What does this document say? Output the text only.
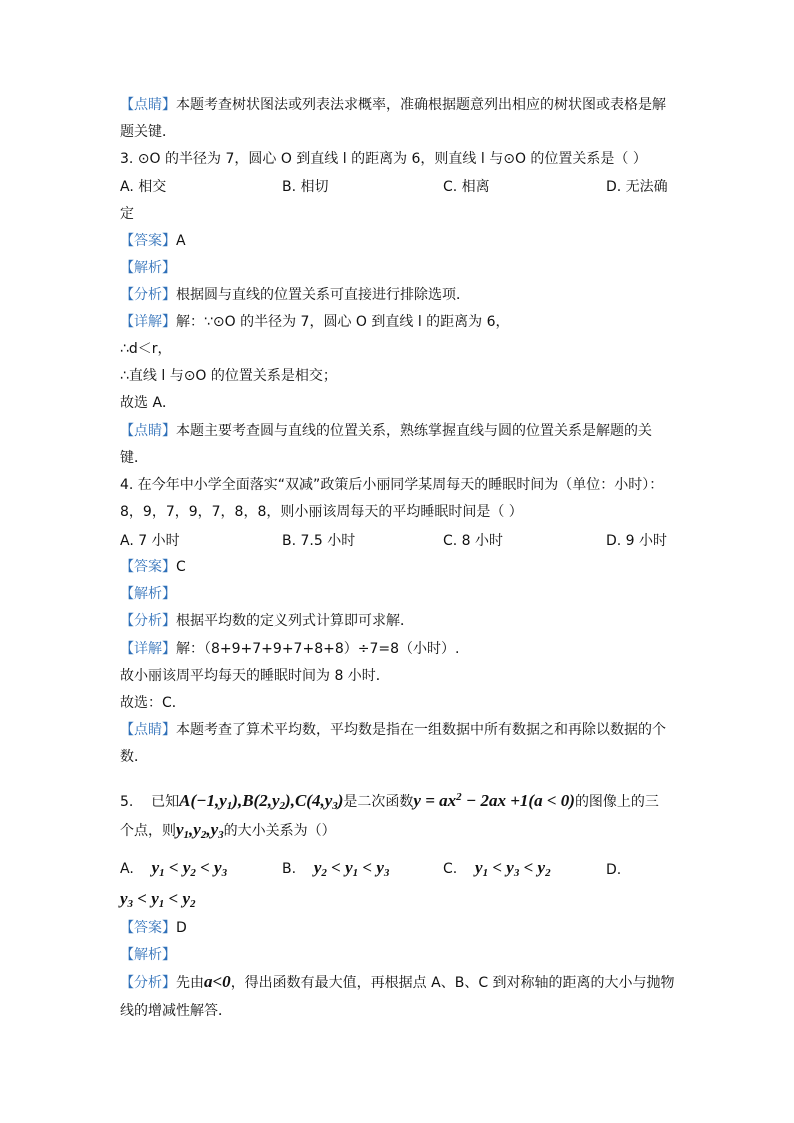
【点睛】本题考查树状图法或列表法求概率，准确根据题意列出相应的树状图或表格是解
题关键．
3. ⊙O 的半径为 7，圆心 O 到直线 l 的距离为 6，则直线 l 与⊙O 的位置关系是（ ）
A. 相交	B. 相切	C. 相离	D. 无法确
定
【答案】A
【解析】
【分析】根据圆与直线的位置关系可直接进行排除选项．
【详解】解：∵⊙O 的半径为 7，圆心 O 到直线 l 的距离为 6，
∴d＜r，
∴直线 l 与⊙O 的位置关系是相交；
故选 A．
【点睛】本题主要考查圆与直线的位置关系，熟练掌握直线与圆的位置关系是解题的关
键．
4. 在今年中小学全面落实“双减”政策后小丽同学某周每天的睡眠时间为（单位：小时）：
8，9，7，9，7，8，8，则小丽该周每天的平均睡眠时间是（ ）
A. 7 小时	B. 7.5 小时	C. 8 小时	D. 9 小时
【答案】C
【解析】
【分析】根据平均数的定义列式计算即可求解．
【详解】解：（8+9+7+9+7+8+8）÷7=8（小时）.
故小丽该周平均每天的睡眠时间为 8 小时．
故选：C．
【点睛】本题考查了算术平均数，平均数是指在一组数据中所有数据之和再除以数据的个
数．
5. 已知$A(-1,y_1),B(2,y_2),C(4,y_3)$是二次函数$y = ax^2 - 2ax +1(a < 0)$的图像上的三
个点，则$y_1,y_2,y_3$的大小关系为（）
A. $y_1 < y_2 < y_3$	B. $y_2 < y_1 < y_3$	C. $y_1 < y_3 < y_2$	D.
$y_3 < y_1 < y_2$
【答案】D
【解析】
【分析】先由a<0，得出函数有最大值，再根据点 A、B、C 到对称轴的距离的大小与抛物
线的增减性解答．
